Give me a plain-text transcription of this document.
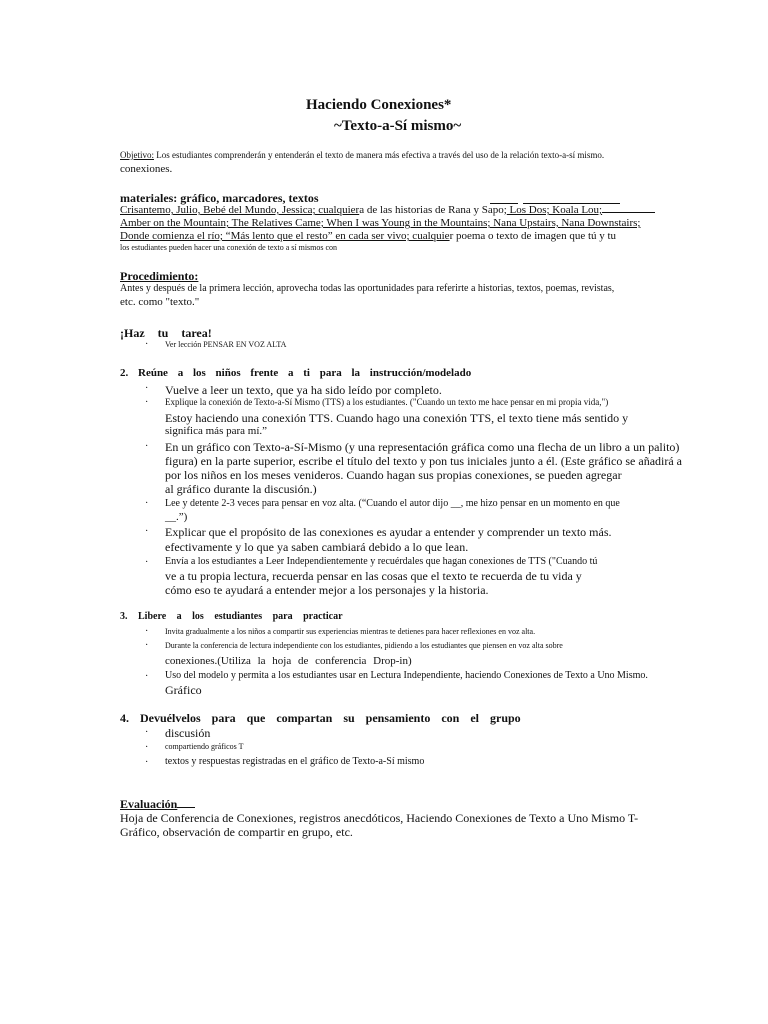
Haciendo Conexiones*
~Texto-a-Sí mismo~
Objetivo: Los estudiantes comprenderán y entenderán el texto de manera más efectiva a través del uso de la relación texto-a-sí mismo.
conexiones.
materiales: gráfico, marcadores, textos
Crisantemo, Julio, Bebé del Mundo, Jessica; cualquiera de las historias de Rana y Sapo; Los Dos; Koala Lou;
Amber on the Mountain; The Relatives Came; When I was Young in the Mountains; Nana Upstairs, Nana Downstairs;
Donde comienza el río; “Más lento que el resto” en cada ser vivo; cualquier poema o texto de imagen que tú y tu
los estudiantes pueden hacer una conexión de texto a sí mismos con
Procedimiento:
Antes y después de la primera lección, aprovecha todas las oportunidades para referirte a historias, textos, poemas, revistas,
etc. como "texto."
¡Haz tu tarea!
· Ver lección PENSAR EN VOZ ALTA
2. Reúne a los niños frente a ti para la instrucción/modelado
· Vuelve a leer un texto, que ya ha sido leído por completo.
· Explique la conexión de Texto-a-Sí Mismo (TTS) a los estudiantes. ("Cuando un texto me hace pensar en mi propia vida,")
Estoy haciendo una conexión TTS. Cuando hago una conexión TTS, el texto tiene más sentido y
significa más para mí.”
· En un gráfico con Texto-a-Sí-Mismo (y una representación gráfica como una flecha de un libro a un palito)
figura) en la parte superior, escribe el título del texto y pon tus iniciales junto a él. (Este gráfico se añadirá a
por los niños en los meses venideros. Cuando hagan sus propias conexiones, se pueden agregar
al gráfico durante la discusión.)
· Lee y detente 2-3 veces para pensar en voz alta. (“Cuando el autor dijo __, me hizo pensar en un momento en que
__.”)
· Explicar que el propósito de las conexiones es ayudar a entender y comprender un texto más.
efectivamente y lo que ya saben cambiará debido a lo que lean.
· Envía a los estudiantes a Leer Independientemente y recuérdales que hagan conexiones de TTS ("Cuando tú
ve a tu propia lectura, recuerda pensar en las cosas que el texto te recuerda de tu vida y
cómo eso te ayudará a entender mejor a los personajes y la historia.
3. Libere a los estudiantes para practicar
· Invita gradualmente a los niños a compartir sus experiencias mientras te detienes para hacer reflexiones en voz alta.
· Durante la conferencia de lectura independiente con los estudiantes, pidiendo a los estudiantes que piensen en voz alta sobre
conexiones.(Utiliza la hoja de conferencia Drop-in)
· Uso del modelo y permita a los estudiantes usar en Lectura Independiente, haciendo Conexiones de Texto a Uno Mismo.
Gráfico
4. Devuélvelos para que compartan su pensamiento con el grupo
· discusión
· compartiendo gráficos T
· textos y respuestas registradas en el gráfico de Texto-a-Sí mismo
Evaluación
Hoja de Conferencia de Conexiones, registros anecdóticos, Haciendo Conexiones de Texto a Uno Mismo T-
Gráfico, observación de compartir en grupo, etc.
